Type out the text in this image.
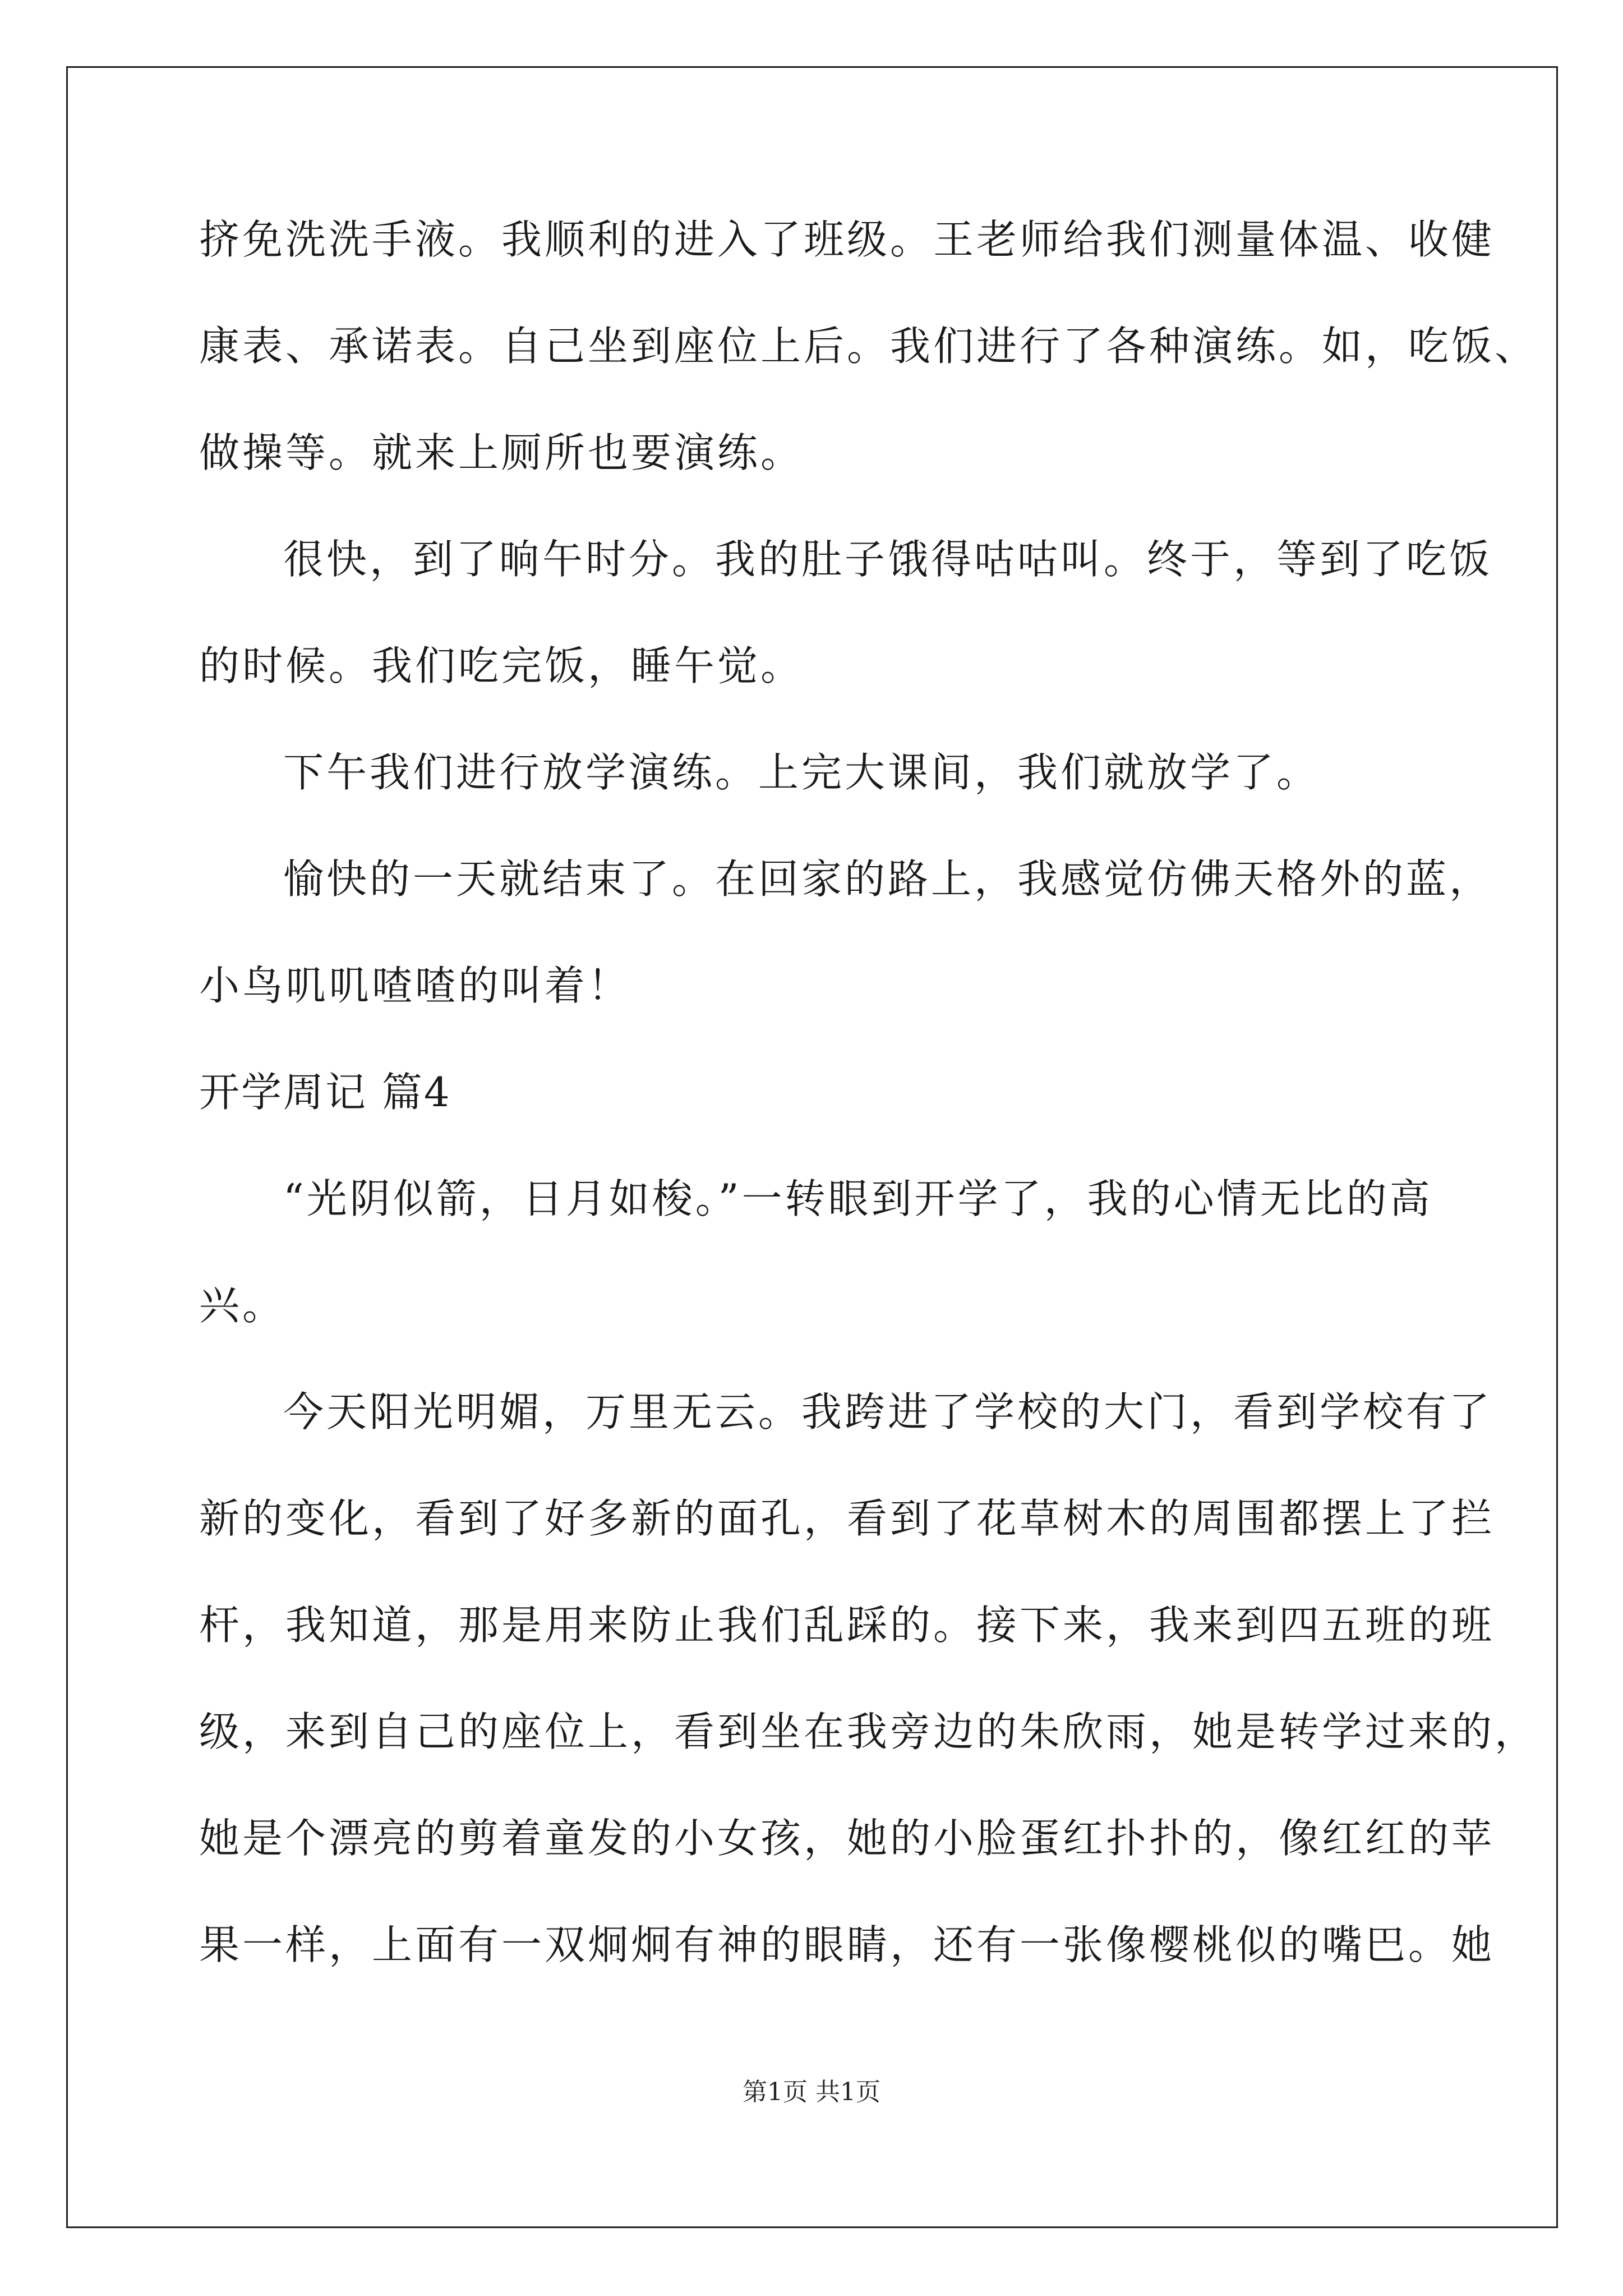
挤免洗洗手液。我顺利的进入了班级。王老师给我们测量体温、收健
康表、承诺表。自己坐到座位上后。我们进行了各种演练。如，吃饭、
做操等。就来上厕所也要演练。
很快，到了晌午时分。我的肚子饿得咕咕叫。终于，等到了吃饭
的时候。我们吃完饭，睡午觉。
下午我们进行放学演练。上完大课间，我们就放学了。
愉快的一天就结束了。在回家的路上，我感觉仿佛天格外的蓝，
小鸟叽叽喳喳的叫着！
开学周记 篇4
“光阴似箭，日月如梭。”一转眼到开学了，我的心情无比的高
兴。
今天阳光明媚，万里无云。我跨进了学校的大门，看到学校有了
新的变化，看到了好多新的面孔，看到了花草树木的周围都摆上了拦
杆，我知道，那是用来防止我们乱踩的。接下来，我来到四五班的班
级，来到自己的座位上，看到坐在我旁边的朱欣雨，她是转学过来的，
她是个漂亮的剪着童发的小女孩，她的小脸蛋红扑扑的，像红红的苹
果一样，上面有一双炯炯有神的眼睛，还有一张像樱桃似的嘴巴。她
第1页 共1页
